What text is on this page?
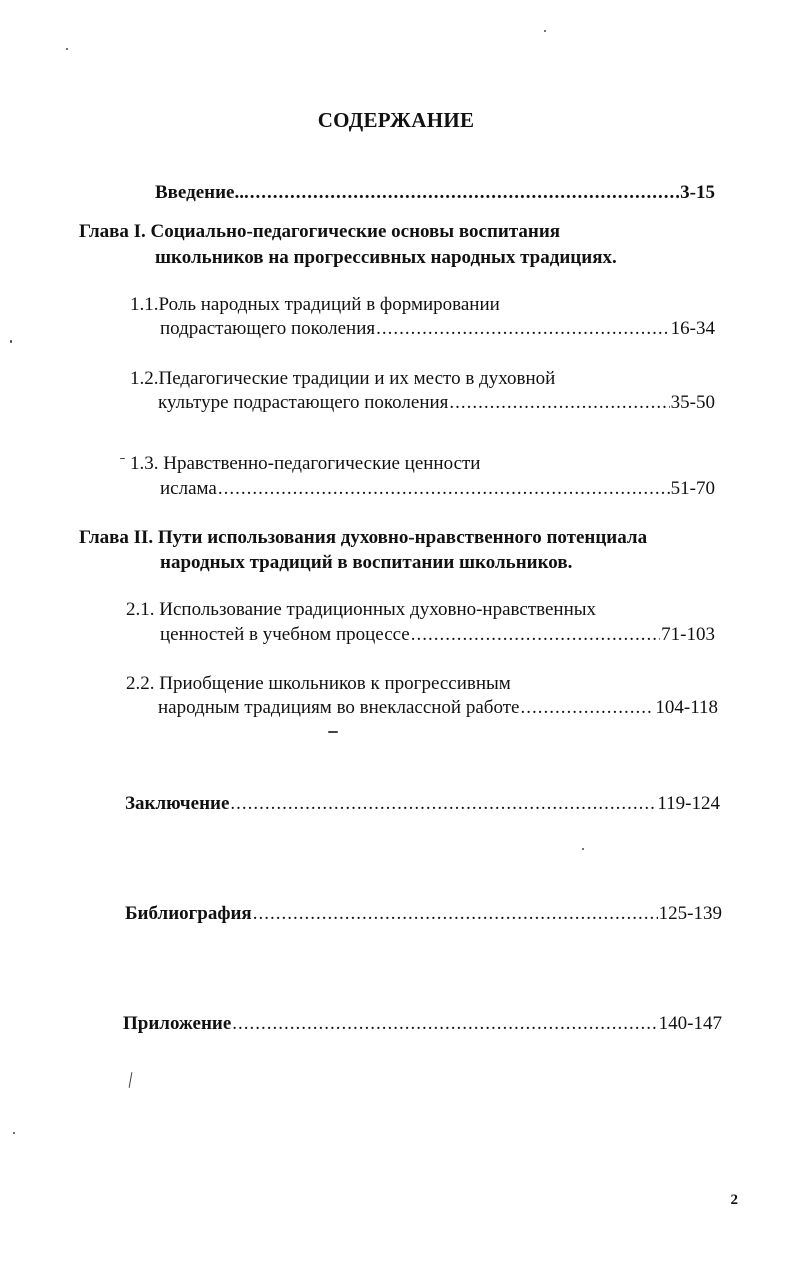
СОДЕРЖАНИЕ
Введение... .....	3-15
Глава I. Социально-педагогические основы воспитания
школьников на прогрессивных народных традициях.
1.1.Роль народных традиций в формировании
подрастающего поколения .....	16-34
1.2.Педагогические традиции и их место в духовной
культуре подрастающего поколения .....	35-50
1.3. Нравственно-педагогические ценности
ислама .....	51-70
Глава II. Пути использования духовно-нравственного потенциала
народных традиций в воспитании школьников.
2.1. Использование традиционных духовно-нравственных
ценностей в учебном процессе .....	71-103
2.2. Приобщение школьников к прогрессивным
народным традициям во внеклассной работе .....	104-118
Заключение .....	119-124
Библиография .....	125-139
Приложение .....	140-147
2
